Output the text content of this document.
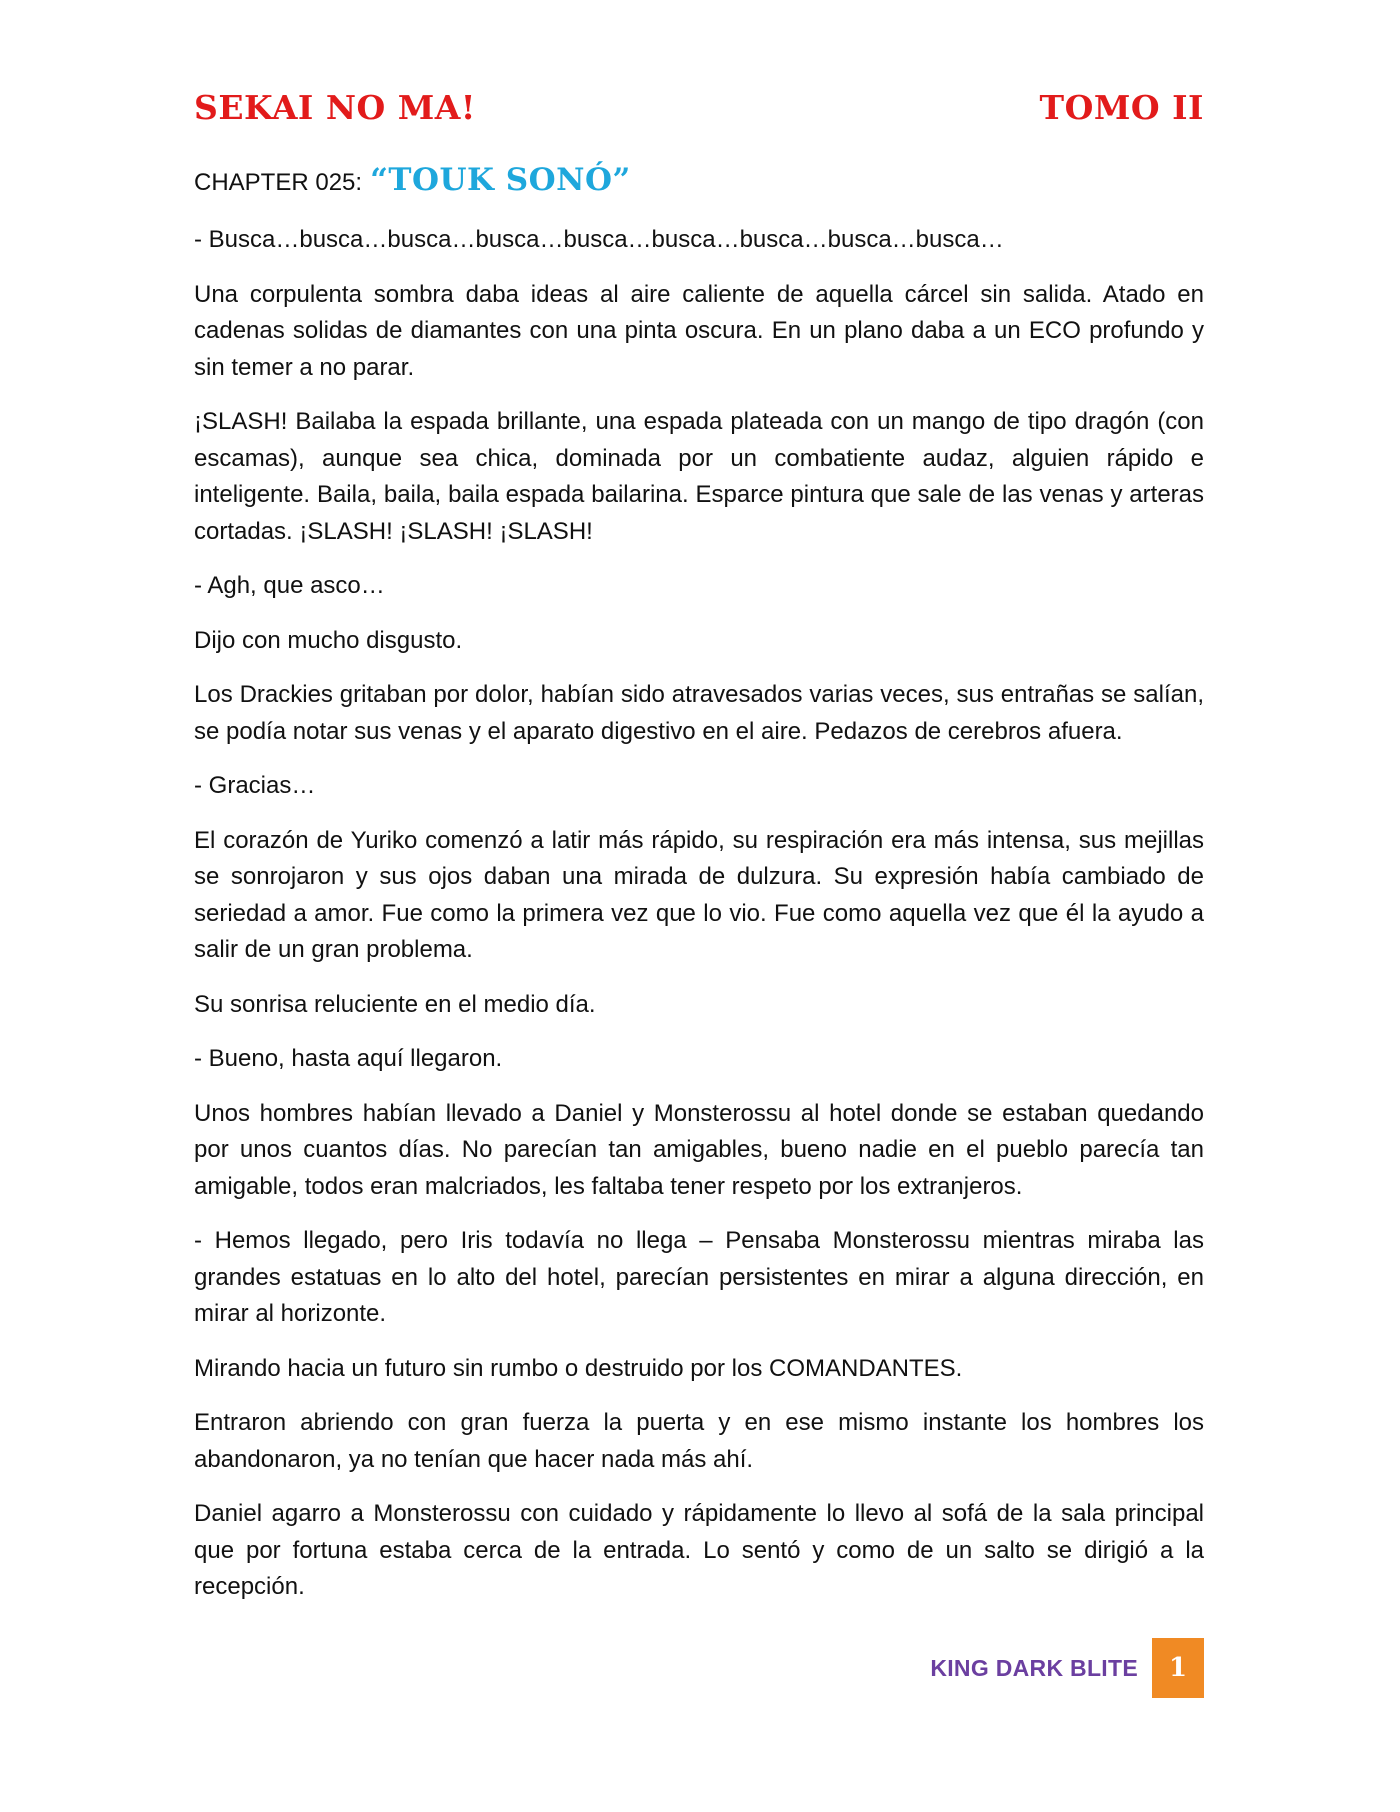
SEKAI NO MA!	TOMO II
CHAPTER 025: “TOUK SONÓ”

- Busca…busca…busca…busca…busca…busca…busca…busca…busca…

Una corpulenta sombra daba ideas al aire caliente de aquella cárcel sin salida. Atado en cadenas solidas de diamantes con una pinta oscura. En un plano daba a un ECO profundo y sin temer a no parar.

¡SLASH! Bailaba la espada brillante, una espada plateada con un mango de tipo dragón (con escamas), aunque sea chica, dominada por un combatiente audaz, alguien rápido e inteligente. Baila, baila, baila espada bailarina. Esparce pintura que sale de las venas y arteras cortadas. ¡SLASH! ¡SLASH! ¡SLASH!

- Agh, que asco…

Dijo con mucho disgusto.

Los Drackies gritaban por dolor, habían sido atravesados varias veces, sus entrañas se salían, se podía notar sus venas y el aparato digestivo en el aire. Pedazos de cerebros afuera.

- Gracias…

El corazón de Yuriko comenzó a latir más rápido, su respiración era más intensa, sus mejillas se sonrojaron y sus ojos daban una mirada de dulzura. Su expresión había cambiado de seriedad a amor. Fue como la primera vez que lo vio. Fue como aquella vez que él la ayudo a salir de un gran problema.

Su sonrisa reluciente en el medio día.

- Bueno, hasta aquí llegaron.

Unos hombres habían llevado a Daniel y Monsterossu al hotel donde se estaban quedando por unos cuantos días. No parecían tan amigables, bueno nadie en el pueblo parecía tan amigable, todos eran malcriados, les faltaba tener respeto por los extranjeros.

- Hemos llegado, pero Iris todavía no llega – Pensaba Monsterossu mientras miraba las grandes estatuas en lo alto del hotel, parecían persistentes en mirar a alguna dirección, en mirar al horizonte.

Mirando hacia un futuro sin rumbo o destruido por los COMANDANTES.

Entraron abriendo con gran fuerza la puerta y en ese mismo instante los hombres los abandonaron, ya no tenían que hacer nada más ahí.

Daniel agarro a Monsterossu con cuidado y rápidamente lo llevo al sofá de la sala principal que por fortuna estaba cerca de la entrada. Lo sentó y como de un salto se dirigió a la recepción.

KING DARK BLITE	1
